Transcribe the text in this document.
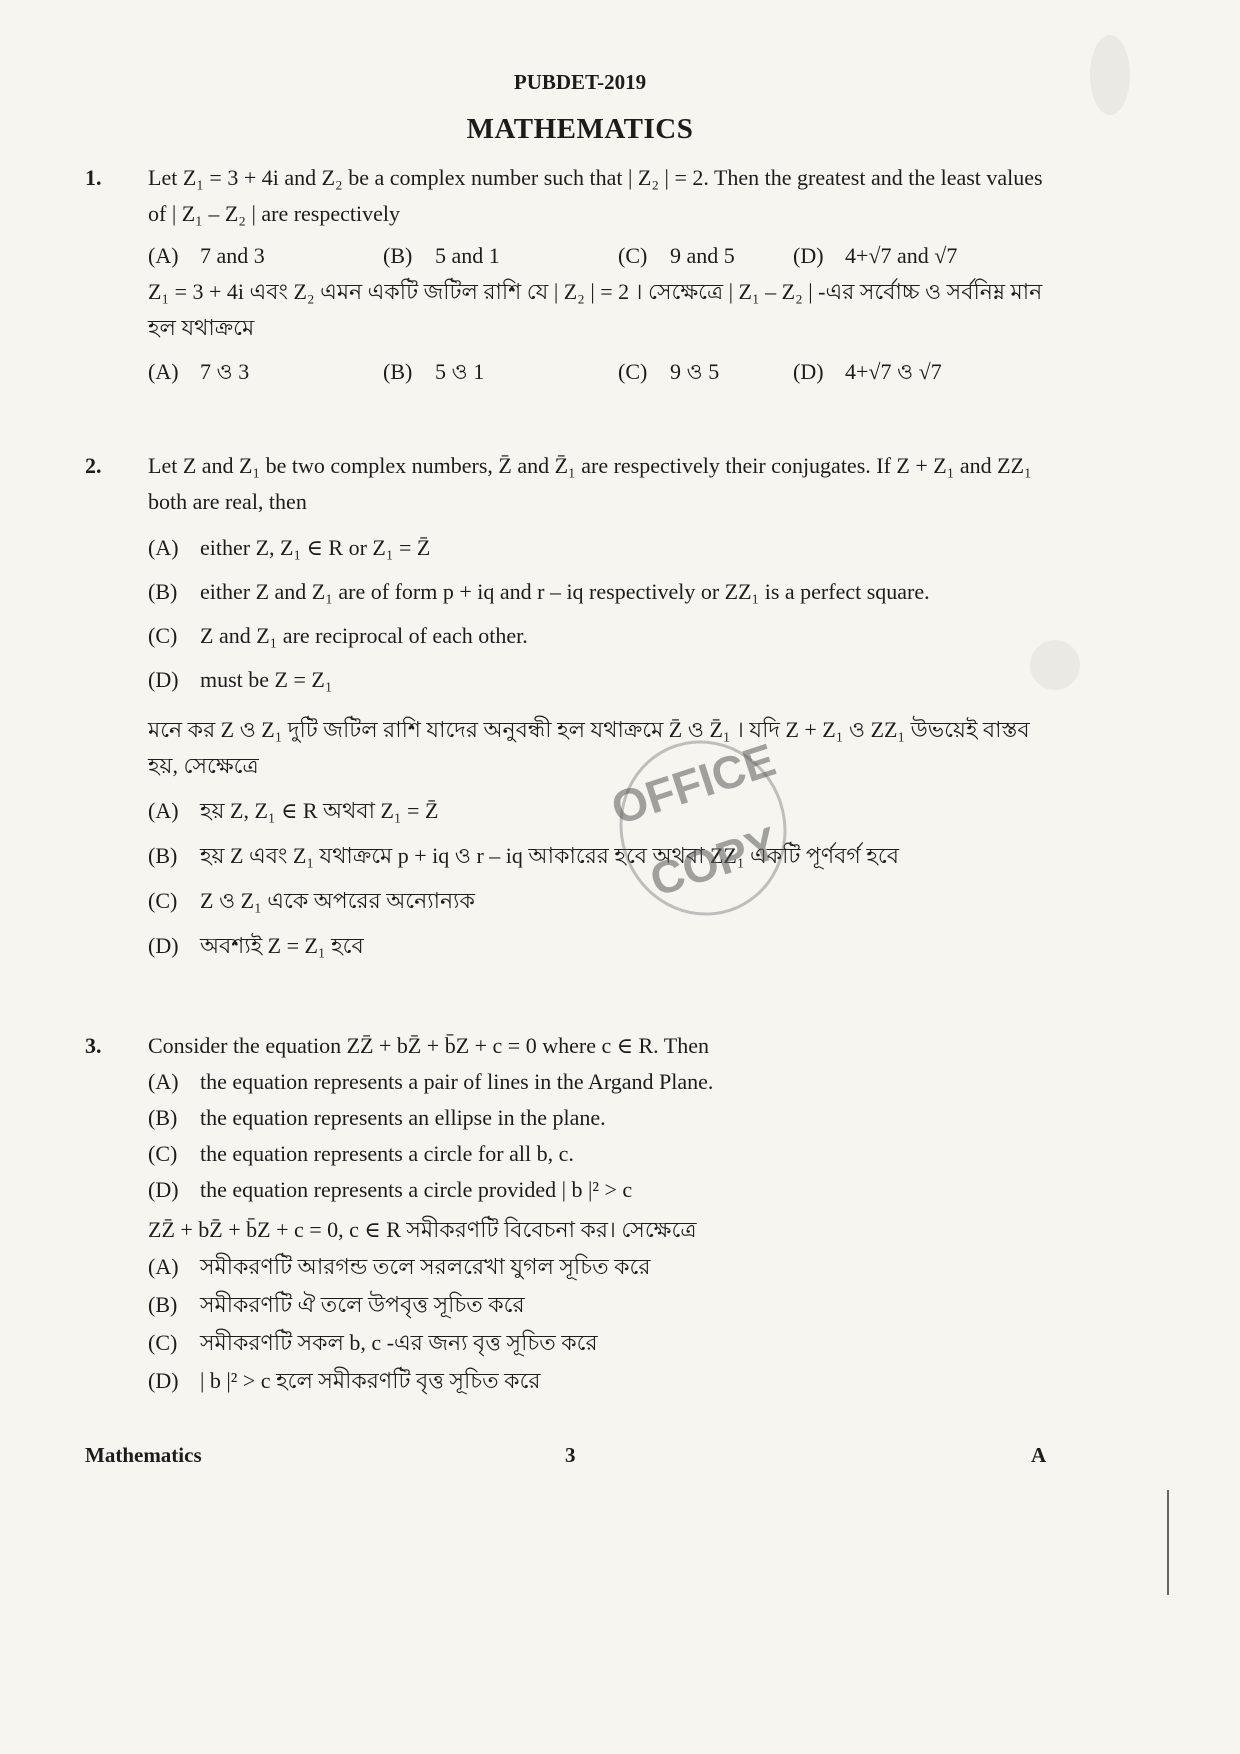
PUBDET-2019
MATHEMATICS
1.	Let Z₁ = 3 + 4i and Z₂ be a complex number such that | Z₂ | = 2. Then the greatest and the least values of | Z₁ – Z₂ | are respectively
(A) 7 and 3	(B) 5 and 1	(C) 9 and 5	(D) 4+√7 and √7
Z₁ = 3 + 4i এবং Z₂ এমন একটি জটিল রাশি যে | Z₂ | = 2 । সেক্ষেত্রে | Z₁ – Z₂ | -এর সর্বোচ্চ ও সর্বনিম্ন মান হল যথাক্রমে
(A) 7 ও 3	(B) 5 ও 1	(C) 9 ও 5	(D) 4+√7 ও √7
2.	Let Z and Z₁ be two complex numbers, Z̄ and Z̄₁ are respectively their conjugates. If Z + Z₁ and ZZ₁ both are real, then
(A) either Z, Z₁ ∈ R or Z₁ = Z̄
(B) either Z and Z₁ are of form p + iq and r – iq respectively or ZZ₁ is a perfect square.
(C) Z and Z₁ are reciprocal of each other.
(D) must be Z = Z₁
মনে কর Z ও Z₁ দুটি জটিল রাশি যাদের অনুবন্ধী হল যথাক্রমে Z̄ ও Z̄₁ । যদি Z + Z₁ ও ZZ₁ উভয়েই বাস্তব হয়, সেক্ষেত্রে
(A) হয় Z, Z₁ ∈ R অথবা Z₁ = Z̄
(B) হয় Z এবং Z₁ যথাক্রমে p + iq ও r – iq আকারের হবে অথবা ZZ₁ একটি পূর্ণবর্গ হবে
(C) Z ও Z₁ একে অপরের অন্যোন্যক
(D) অবশ্যই Z = Z₁ হবে
3.	Consider the equation ZZ̄ + bZ̄ + b̄Z + c = 0 where c ∈ R. Then
(A) the equation represents a pair of lines in the Argand Plane.
(B) the equation represents an ellipse in the plane.
(C) the equation represents a circle for all b, c.
(D) the equation represents a circle provided | b |² > c
ZZ̄ + bZ̄ + b̄Z + c = 0, c ∈ R সমীকরণটি বিবেচনা কর। সেক্ষেত্রে
(A) সমীকরণটি আরগন্ড তলে সরলরেখা যুগল সূচিত করে
(B) সমীকরণটি ঐ তলে উপবৃত্ত সূচিত করে
(C) সমীকরণটি সকল b, c -এর জন্য বৃত্ত সূচিত করে
(D) | b |² > c হলে সমীকরণটি বৃত্ত সূচিত করে
OFFICE COPY
Mathematics	3	A
